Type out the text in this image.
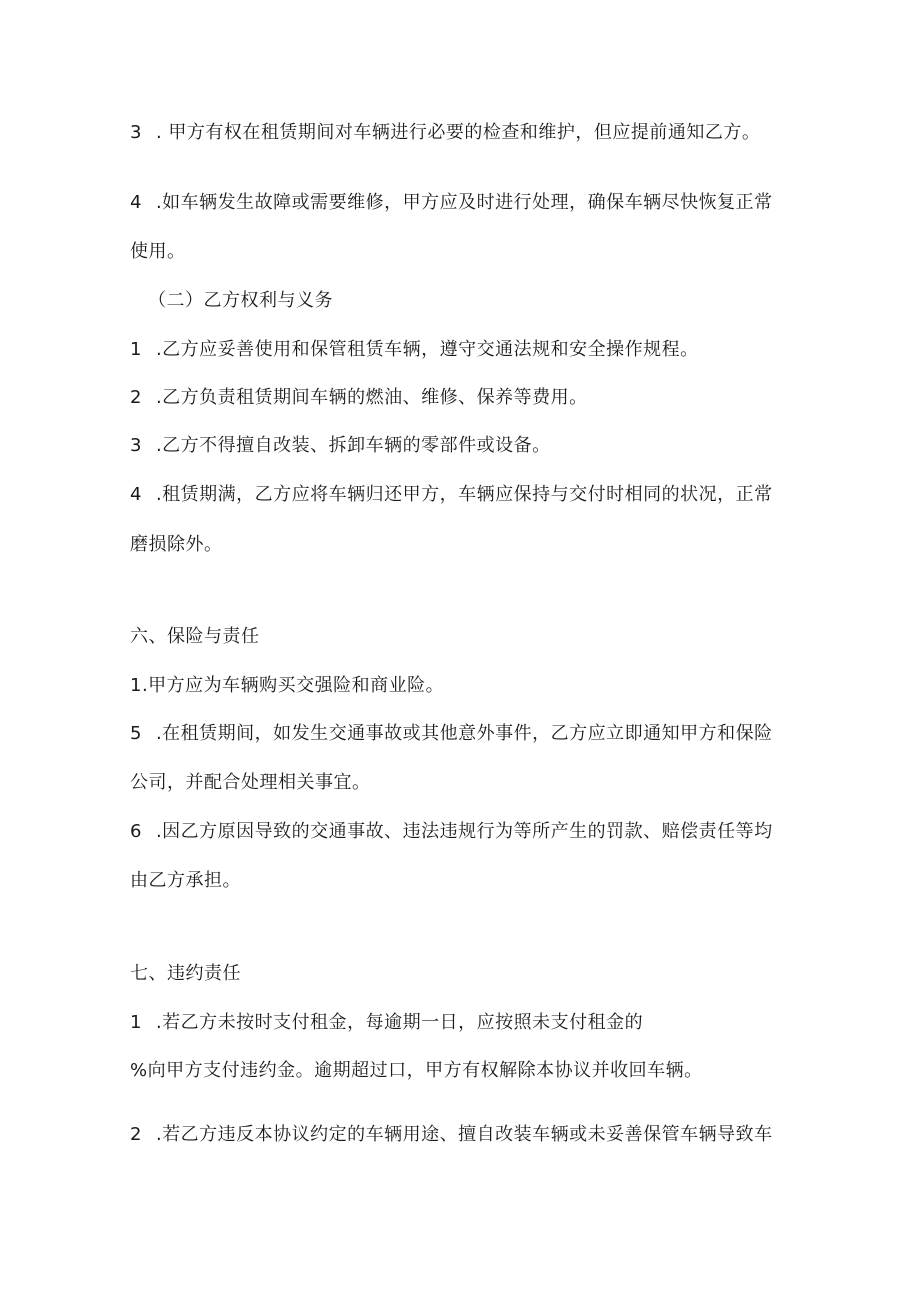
3 . 甲方有权在租赁期间对车辆进行必要的检查和维护，但应提前通知乙方。
4 .如车辆发生故障或需要维修，甲方应及时进行处理，确保车辆尽快恢复正常
使用。
（二）乙方权利与义务
1 .乙方应妥善使用和保管租赁车辆，遵守交通法规和安全操作规程。
2 .乙方负责租赁期间车辆的燃油、维修、保养等费用。
3 .乙方不得擅自改装、拆卸车辆的零部件或设备。
4 .租赁期满，乙方应将车辆归还甲方，车辆应保持与交付时相同的状况，正常
磨损除外。
六、保险与责任
1.甲方应为车辆购买交强险和商业险。
5 .在租赁期间，如发生交通事故或其他意外事件，乙方应立即通知甲方和保险
公司，并配合处理相关事宜。
6 .因乙方原因导致的交通事故、违法违规行为等所产生的罚款、赔偿责任等均
由乙方承担。
七、违约责任
1 .若乙方未按时支付租金，每逾期一日，应按照未支付租金的
%向甲方支付违约金。逾期超过口，甲方有权解除本协议并收回车辆。
2 .若乙方违反本协议约定的车辆用途、擅自改装车辆或未妥善保管车辆导致车
